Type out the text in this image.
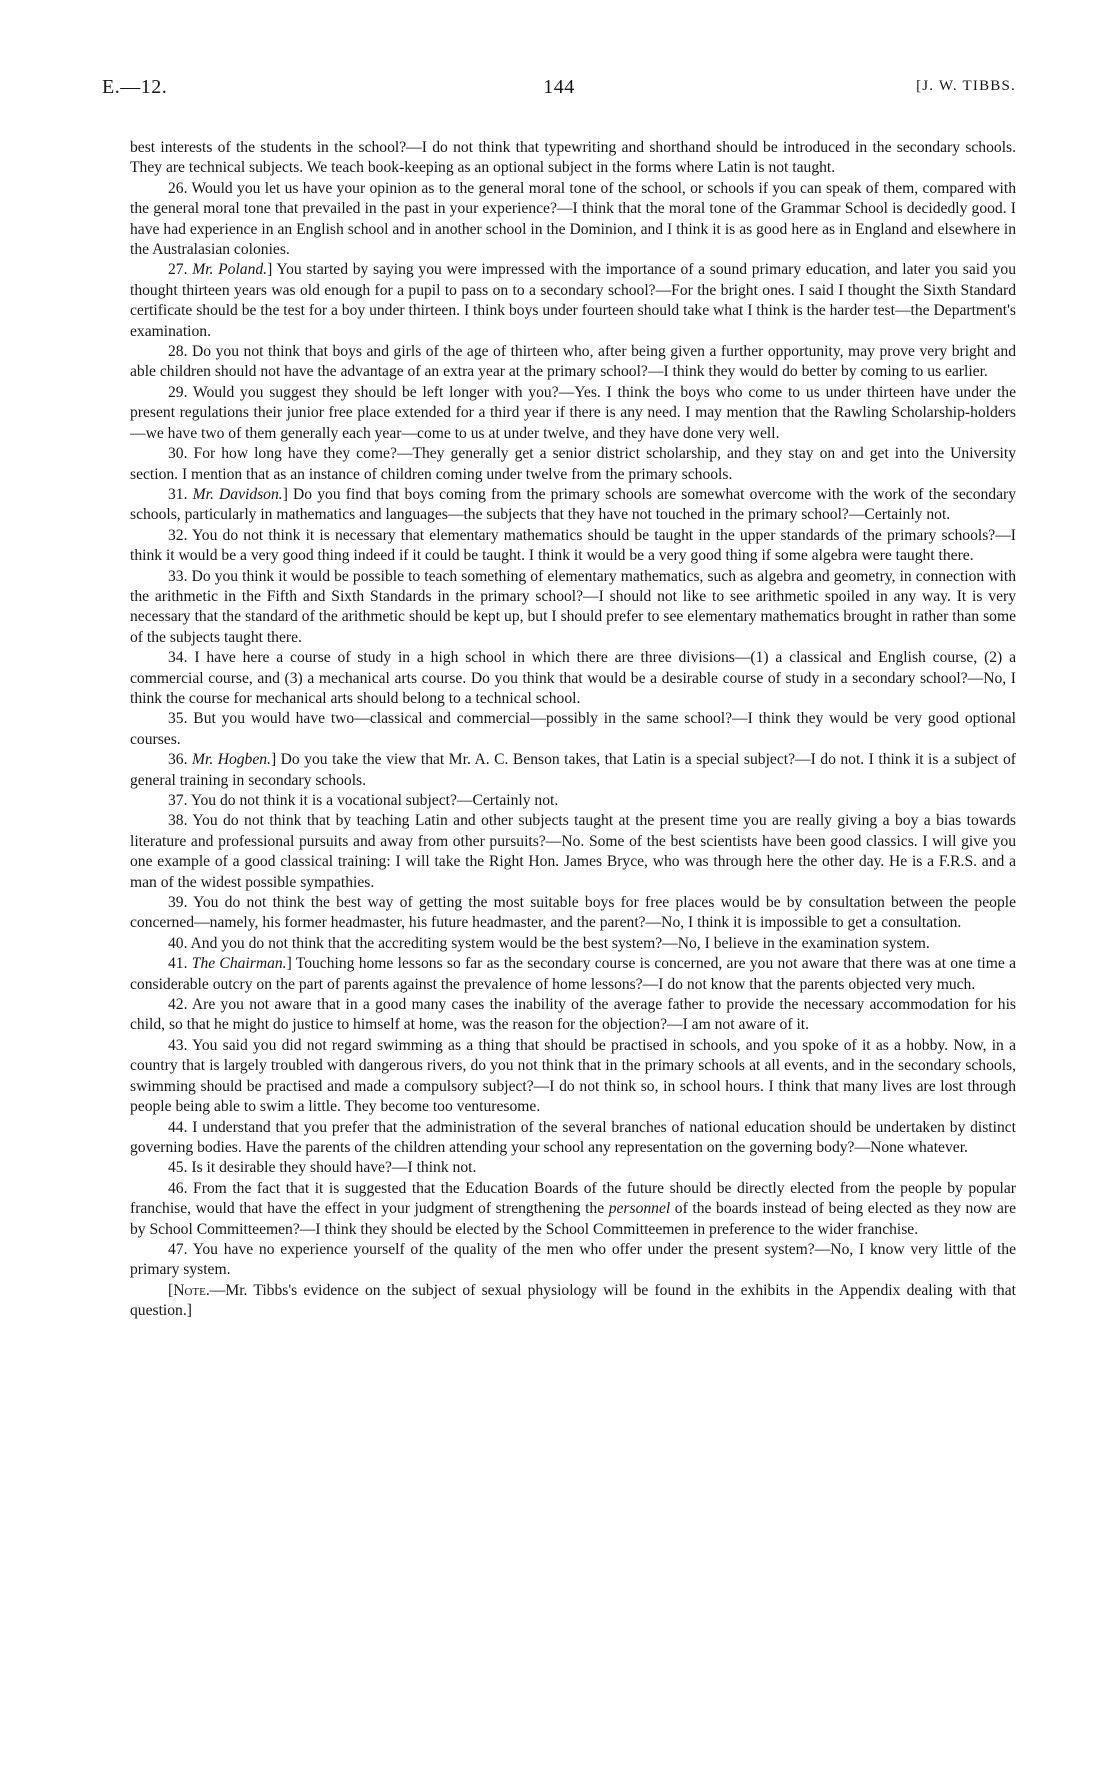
E.—12.	144	[J. W. TIBBS.

best interests of the students in the school?—I do not think that typewriting and shorthand should be introduced in the secondary schools. They are technical subjects. We teach book-keeping as an optional subject in the forms where Latin is not taught.

26. Would you let us have your opinion as to the general moral tone of the school, or schools if you can speak of them, compared with the general moral tone that prevailed in the past in your experience?—I think that the moral tone of the Grammar School is decidedly good. I have had experience in an English school and in another school in the Dominion, and I think it is as good here as in England and elsewhere in the Australasian colonies.

27. Mr. Poland.] You started by saying you were impressed with the importance of a sound primary education, and later you said you thought thirteen years was old enough for a pupil to pass on to a secondary school?—For the bright ones. I said I thought the Sixth Standard certificate should be the test for a boy under thirteen. I think boys under fourteen should take what I think is the harder test—the Department's examination.

28. Do you not think that boys and girls of the age of thirteen who, after being given a further opportunity, may prove very bright and able children should not have the advantage of an extra year at the primary school?—I think they would do better by coming to us earlier.

29. Would you suggest they should be left longer with you?—Yes. I think the boys who come to us under thirteen have under the present regulations their junior free place extended for a third year if there is any need. I may mention that the Rawling Scholarship-holders—we have two of them generally each year—come to us at under twelve, and they have done very well.

30. For how long have they come?—They generally get a senior district scholarship, and they stay on and get into the University section. I mention that as an instance of children coming under twelve from the primary schools.

31. Mr. Davidson.] Do you find that boys coming from the primary schools are somewhat overcome with the work of the secondary schools, particularly in mathematics and languages—the subjects that they have not touched in the primary school?—Certainly not.

32. You do not think it is necessary that elementary mathematics should be taught in the upper standards of the primary schools?—I think it would be a very good thing indeed if it could be taught. I think it would be a very good thing if some algebra were taught there.

33. Do you think it would be possible to teach something of elementary mathematics, such as algebra and geometry, in connection with the arithmetic in the Fifth and Sixth Standards in the primary school?—I should not like to see arithmetic spoiled in any way. It is very necessary that the standard of the arithmetic should be kept up, but I should prefer to see elementary mathematics brought in rather than some of the subjects taught there.

34. I have here a course of study in a high school in which there are three divisions—(1) a classical and English course, (2) a commercial course, and (3) a mechanical arts course. Do you think that would be a desirable course of study in a secondary school?—No, I think the course for mechanical arts should belong to a technical school.

35. But you would have two—classical and commercial—possibly in the same school?—I think they would be very good optional courses.

36. Mr. Hogben.] Do you take the view that Mr. A. C. Benson takes, that Latin is a special subject?—I do not. I think it is a subject of general training in secondary schools.

37. You do not think it is a vocational subject?—Certainly not.

38. You do not think that by teaching Latin and other subjects taught at the present time you are really giving a boy a bias towards literature and professional pursuits and away from other pursuits?—No. Some of the best scientists have been good classics. I will give you one example of a good classical training: I will take the Right Hon. James Bryce, who was through here the other day. He is a F.R.S. and a man of the widest possible sympathies.

39. You do not think the best way of getting the most suitable boys for free places would be by consultation between the people concerned—namely, his former headmaster, his future headmaster, and the parent?—No, I think it is impossible to get a consultation.

40. And you do not think that the accrediting system would be the best system?—No, I believe in the examination system.

41. The Chairman.] Touching home lessons so far as the secondary course is concerned, are you not aware that there was at one time a considerable outcry on the part of parents against the prevalence of home lessons?—I do not know that the parents objected very much.

42. Are you not aware that in a good many cases the inability of the average father to provide the necessary accommodation for his child, so that he might do justice to himself at home, was the reason for the objection?—I am not aware of it.

43. You said you did not regard swimming as a thing that should be practised in schools, and you spoke of it as a hobby. Now, in a country that is largely troubled with dangerous rivers, do you not think that in the primary schools at all events, and in the secondary schools, swimming should be practised and made a compulsory subject?—I do not think so, in school hours. I think that many lives are lost through people being able to swim a little. They become too venturesome.

44. I understand that you prefer that the administration of the several branches of national education should be undertaken by distinct governing bodies. Have the parents of the children attending your school any representation on the governing body?—None whatever.

45. Is it desirable they should have?—I think not.

46. From the fact that it is suggested that the Education Boards of the future should be directly elected from the people by popular franchise, would that have the effect in your judgment of strengthening the personnel of the boards instead of being elected as they now are by School Committeemen?—I think they should be elected by the School Committeemen in preference to the wider franchise.

47. You have no experience yourself of the quality of the men who offer under the present system?—No, I know very little of the primary system.

[Note.—Mr. Tibbs's evidence on the subject of sexual physiology will be found in the exhibits in the Appendix dealing with that question.]
